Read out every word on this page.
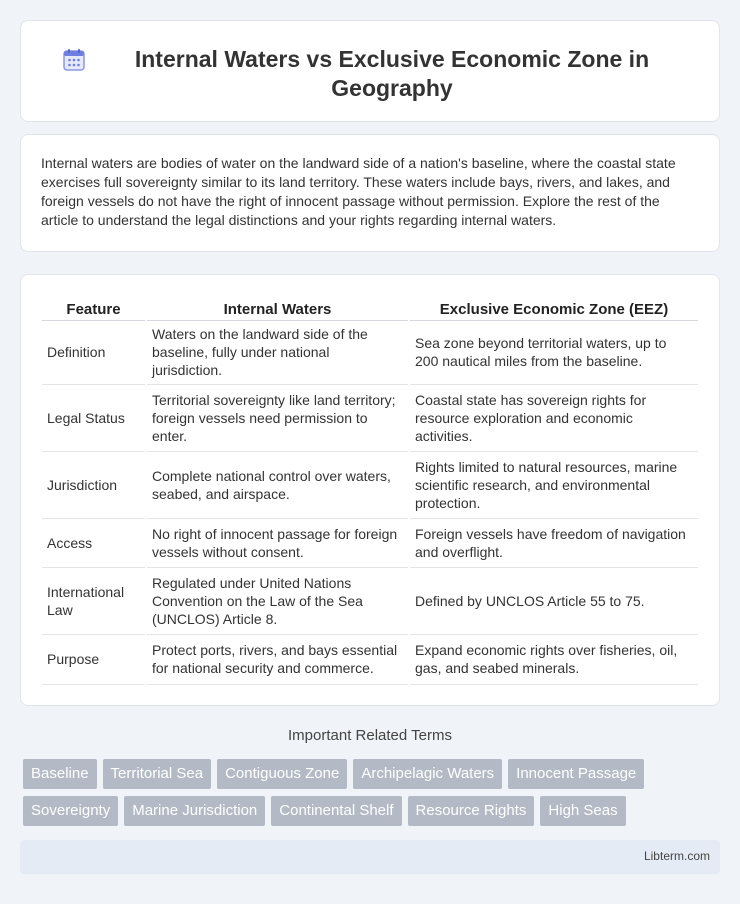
Internal Waters vs Exclusive Economic Zone in Geography

Internal waters are bodies of water on the landward side of a nation's baseline, where the coastal state exercises full sovereignty similar to its land territory. These waters include bays, rivers, and lakes, and foreign vessels do not have the right of innocent passage without permission. Explore the rest of the article to understand the legal distinctions and your rights regarding internal waters.

Feature	Internal Waters	Exclusive Economic Zone (EEZ)
Definition	Waters on the landward side of the baseline, fully under national jurisdiction.	Sea zone beyond territorial waters, up to 200 nautical miles from the baseline.
Legal Status	Territorial sovereignty like land territory; foreign vessels need permission to enter.	Coastal state has sovereign rights for resource exploration and economic activities.
Jurisdiction	Complete national control over waters, seabed, and airspace.	Rights limited to natural resources, marine scientific research, and environmental protection.
Access	No right of innocent passage for foreign vessels without consent.	Foreign vessels have freedom of navigation and overflight.
International Law	Regulated under United Nations Convention on the Law of the Sea (UNCLOS) Article 8.	Defined by UNCLOS Article 55 to 75.
Purpose	Protect ports, rivers, and bays essential for national security and commerce.	Expand economic rights over fisheries, oil, gas, and seabed minerals.
Important Related Terms
Baseline	Territorial Sea	Contiguous Zone	Archipelagic Waters	Innocent Passage
Sovereignty	Marine Jurisdiction	Continental Shelf	Resource Rights	High Seas
Libterm.com
